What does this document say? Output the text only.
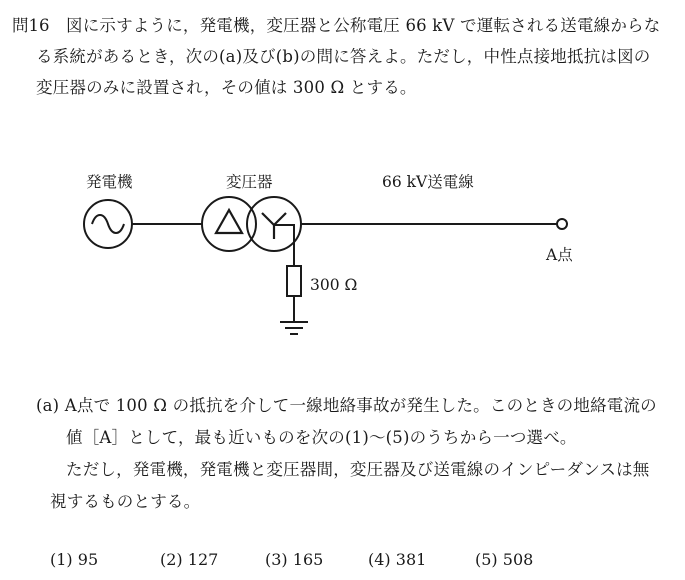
問16 図に示すように，発電機，変圧器と公称電圧 66 kV で運転される送電線からな
る系統があるとき，次の(a)及び(b)の問に答えよ。ただし，中性点接地抵抗は図の
変圧器のみに設置され，その値は 300 Ω とする。
発電機	変圧器	66 kV送電線
A点
300 Ω
(a) A点で 100 Ω の抵抗を介して一線地絡事故が発生した。このときの地絡電流の
値［A］として，最も近いものを次の(1)～(5)のうちから一つ選べ。
ただし，発電機，発電機と変圧器間，変圧器及び送電線のインピーダンスは無
視するものとする。
(1) 95	(2) 127	(3) 165	(4) 381	(5) 508
